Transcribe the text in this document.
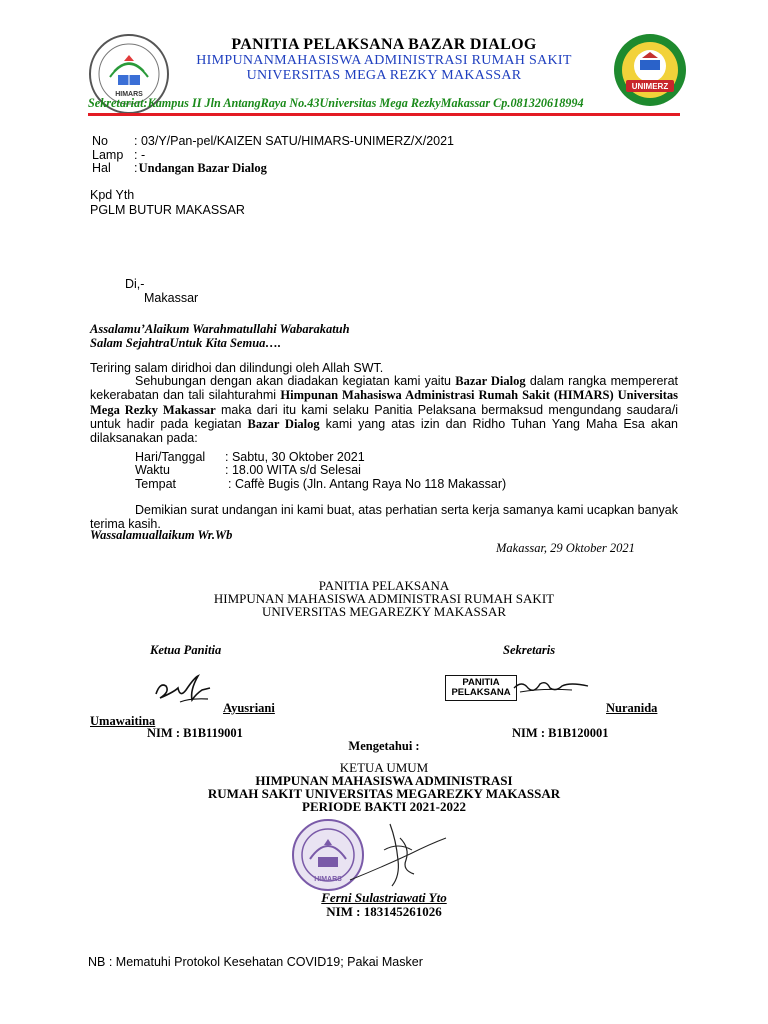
HIMARS
UNIMERZ
PANITIA PELAKSANA BAZAR DIALOG
HIMPUNANMAHASISWA ADMINISTRASI RUMAH SAKIT
UNIVERSITAS MEGA REZKY MAKASSAR
Sekretariat:Kampus II Jln AntangRaya No.43Universitas Mega RezkyMakassar Cp.081320618994
No : 03/Y/Pan-pel/KAIZEN SATU/HIMARS-UNIMERZ/X/2021
Lamp : -
Hal : Undangan Bazar Dialog
Kpd Yth
PGLM BUTUR MAKASSAR
Di,-
Makassar
Assalamu’Alaikum Warahmatullahi Wabarakatuh
Salam SejahtraUntuk Kita Semua….
Teriring salam diridhoi dan dilindungi oleh Allah SWT.
Sehubungan dengan akan diadakan kegiatan kami yaitu Bazar Dialog dalam rangka mempererat kekerabatan dan tali silahturahmi Himpunan Mahasiswa Administrasi Rumah Sakit (HIMARS) Universitas Mega Rezky Makassar maka dari itu kami selaku Panitia Pelaksana bermaksud mengundang saudara/i untuk hadir pada kegiatan Bazar Dialog kami yang atas izin dan Ridho Tuhan Yang Maha Esa akan dilaksanakan pada:
Hari/Tanggal : Sabtu, 30 Oktober 2021
Waktu	: 18.00 WITA s/d Selesai
Tempat	: Caffè Bugis (Jln. Antang Raya No 118 Makassar)
Demikian surat undangan ini kami buat, atas perhatian serta kerja samanya kami ucapkan banyak terima kasih.
Wassalamuallaikum Wr.Wb
Makassar, 29 Oktober 2021
PANITIA PELAKSANA
HIMPUNAN MAHASISWA ADMINISTRASI RUMAH SAKIT
UNIVERSITAS MEGAREZKY MAKASSAR
Ketua Panitia	Sekretaris
PANITIA
PELAKSANA
Ayusriani	Nuranida
Umawaitina
NIM : B1B119001	NIM : B1B120001
Mengetahui :
KETUA UMUM
HIMPUNAN MAHASISWA ADMINISTRASI
RUMAH SAKIT UNIVERSITAS MEGAREZKY MAKASSAR
PERIODE BAKTI 2021-2022
HIMARS
Ferni Sulastriawati Yto
NIM : 183145261026
NB : Mematuhi Protokol Kesehatan COVID19; Pakai Masker
